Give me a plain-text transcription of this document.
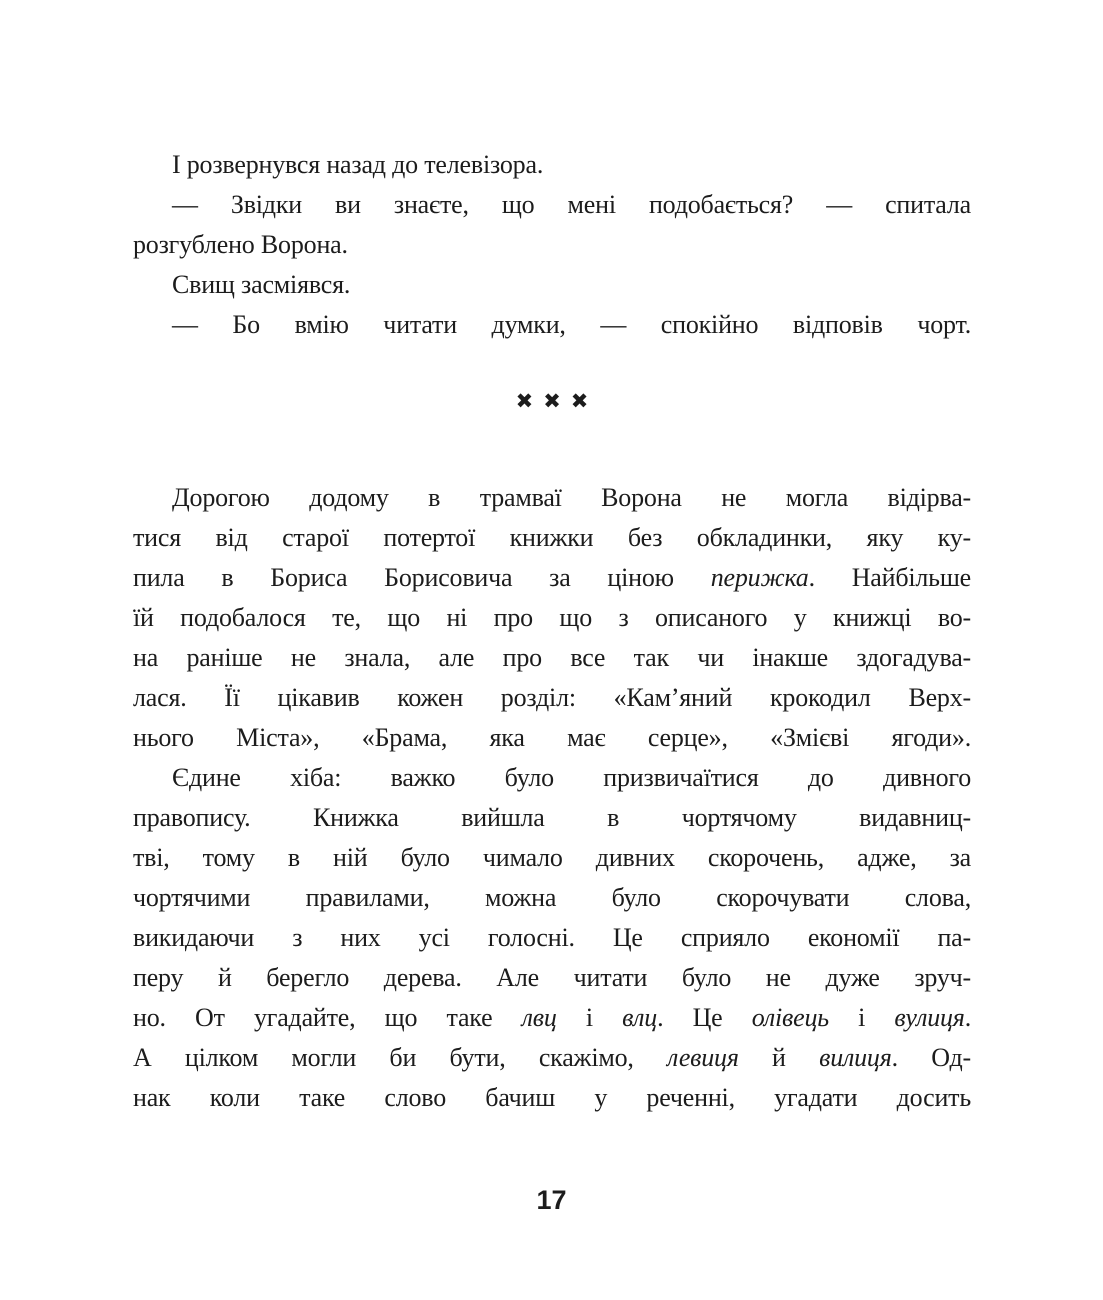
І розвернувся назад до телевізора.
— Звідки ви знаєте, що мені подобається? — спитала
розгублено Ворона.
Свищ засміявся.
— Бо вмію читати думки, — спокійно відповів чорт.
✖✖✖
Дорогою додому в трамваї Ворона не могла відірва-
тися від старої потертої книжки без обкладинки, яку ку-
пила в Бориса Борисовича за ціною перижка. Найбільше
їй подобалося те, що ні про що з описаного у книжці во-
на раніше не знала, але про все так чи інакше здогадува-
лася. Її цікавив кожен розділ: «Кам’яний крокодил Верх-
нього Міста», «Брама, яка має серце», «Змієві ягоди».
Єдине хіба: важко було призвичаїтися до дивного
правопису. Книжка вийшла в чортячому видавниц-
тві, тому в ній було чимало дивних скорочень, адже, за
чортячими правилами, можна було скорочувати слова,
викидаючи з них усі голосні. Це сприяло економії па-
перу й берегло дерева. Але читати було не дуже зруч-
но. От угадайте, що таке лвц і влц. Це олівець і вулиця.
А цілком могли би бути, скажімо, левиця й вилиця. Од-
нак коли таке слово бачиш у реченні, угадати досить
17
